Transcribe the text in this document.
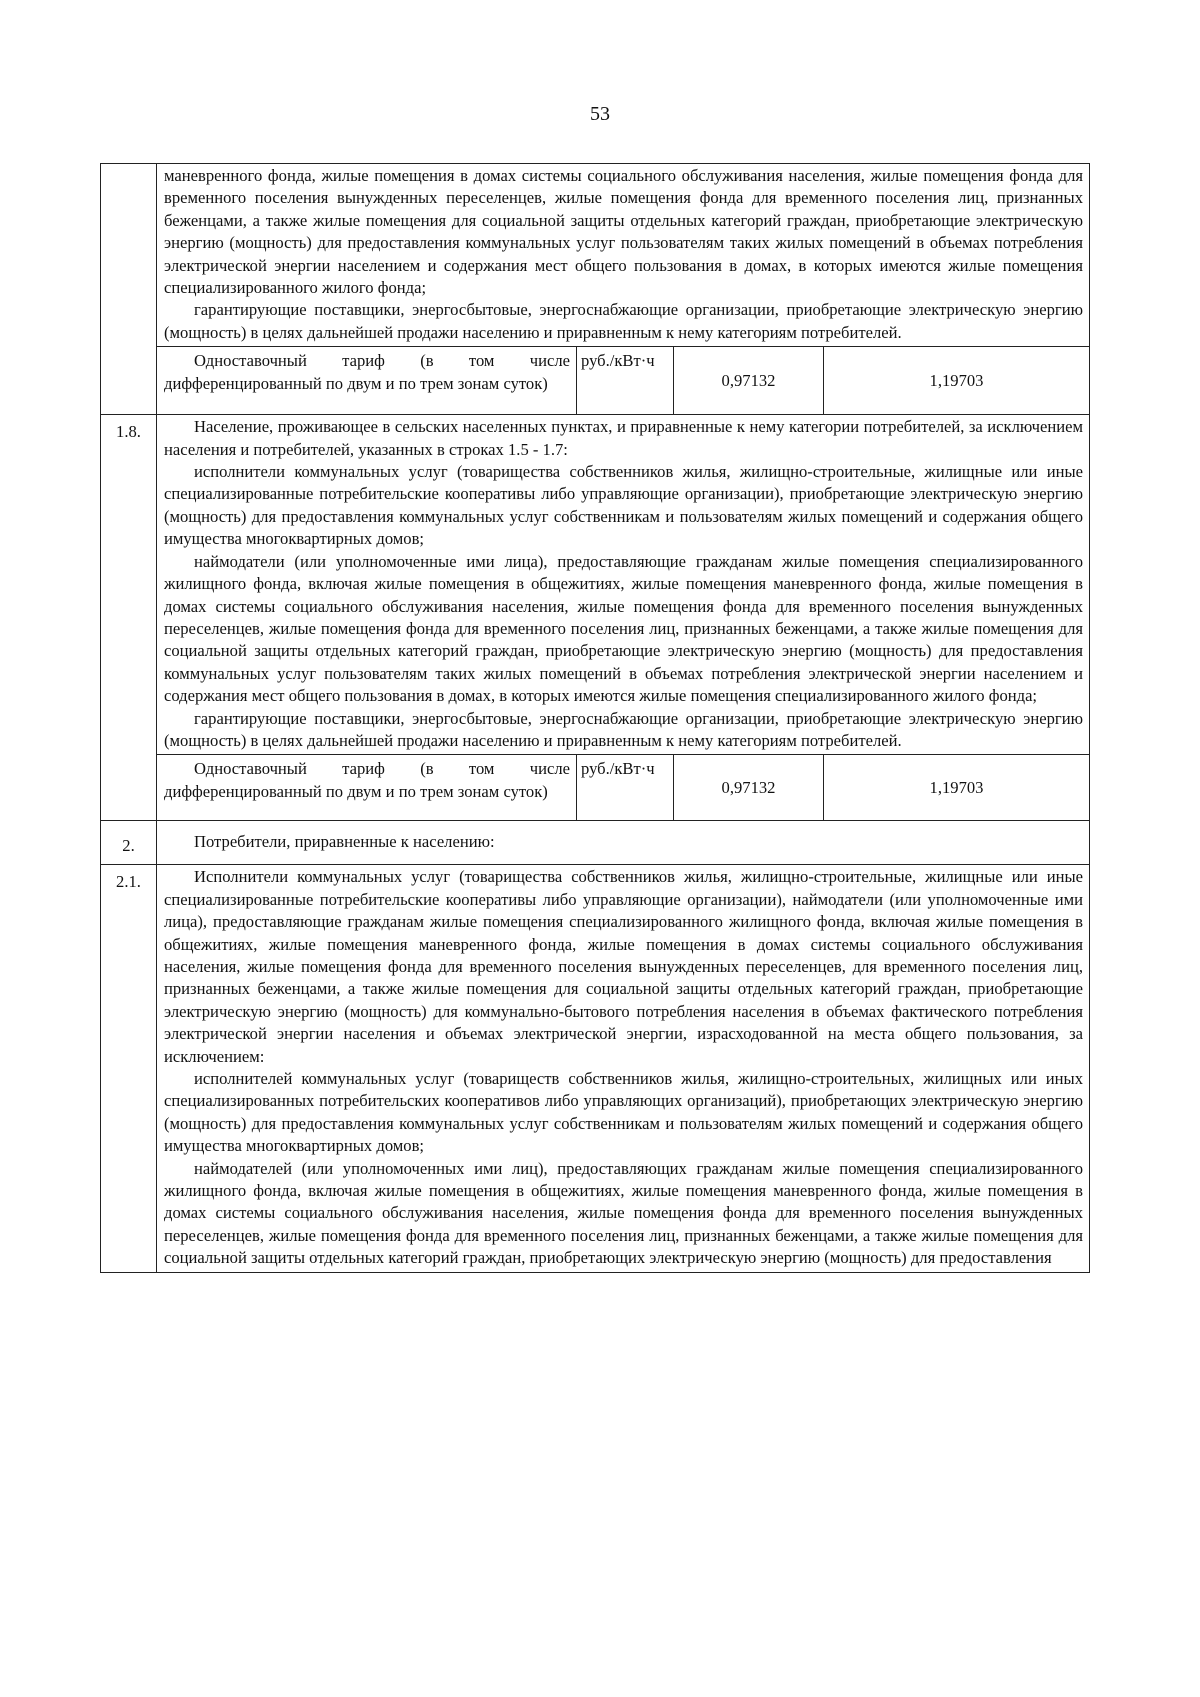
53

	маневренного фонда, жилые помещения в домах системы социального обслуживания населения, жилые помещения фонда для временного поселения вынужденных переселенцев, жилые помещения фонда для временного поселения лиц, признанных беженцами, а также жилые помещения для социальной защиты отдельных категорий граждан, приобретающие электрическую энергию (мощность) для предоставления коммунальных услуг пользователям таких жилых помещений в объемах потребления электрической энергии населением и содержания мест общего пользования в домах, в которых имеются жилые помещения специализированного жилого фонда;

гарантирующие поставщики, энергосбытовые, энергоснабжающие организации, приобретающие электрическую энергию (мощность) в целях дальнейшей продажи населению и приравненным к нему категориям потребителей.			

	Одноставочный тариф (в том числе дифференцированный по двум и по трем зонам суток)	руб./кВт·ч	0,97132	1,19703
1.8.	Население, проживающее в сельских населенных пунктах, и приравненные к нему категории потребителей, за исключением населения и потребителей, указанных в строках 1.5 - 1.7:

исполнители коммунальных услуг (товарищества собственников жилья, жилищно-строительные, жилищные или иные специализированные потребительские кооперативы либо управляющие организации), приобретающие электрическую энергию (мощность) для предоставления коммунальных услуг собственникам и пользователям жилых помещений и содержания общего имущества многоквартирных домов;

наймодатели (или уполномоченные ими лица), предоставляющие гражданам жилые помещения специализированного жилищного фонда, включая жилые помещения в общежитиях, жилые помещения маневренного фонда, жилые помещения в домах системы социального обслуживания населения, жилые помещения фонда для временного поселения вынужденных переселенцев, жилые помещения фонда для временного поселения лиц, признанных беженцами, а также жилые помещения для социальной защиты отдельных категорий граждан, приобретающие электрическую энергию (мощность) для предоставления коммунальных услуг пользователям таких жилых помещений в объемах потребления электрической энергии населением и содержания мест общего пользования в домах, в которых имеются жилые помещения специализированного жилого фонда;

гарантирующие поставщики, энергосбытовые, энергоснабжающие организации, приобретающие электрическую энергию (мощность) в целях дальнейшей продажи населению и приравненным к нему категориям потребителей.			

	Одноставочный тариф (в том числе дифференцированный по двум и по трем зонам суток)	руб./кВт·ч	0,97132	1,19703
2.	Потребители, приравненные к населению:			

2.1.	Исполнители коммунальных услуг (товарищества собственников жилья, жилищно-строительные, жилищные или иные специализированные потребительские кооперативы либо управляющие организации), наймодатели (или уполномоченные ими лица), предоставляющие гражданам жилые помещения специализированного жилищного фонда, включая жилые помещения в общежитиях, жилые помещения маневренного фонда, жилые помещения в домах системы социального обслуживания населения, жилые помещения фонда для временного поселения вынужденных переселенцев, для временного поселения лиц, признанных беженцами, а также жилые помещения для социальной защиты отдельных категорий граждан, приобретающие электрическую энергию (мощность) для коммунально-бытового потребления населения в объемах фактического потребления электрической энергии населения и объемах электрической энергии, израсходованной на места общего пользования, за исключением:

исполнителей коммунальных услуг (товариществ собственников жилья, жилищно-строительных, жилищных или иных специализированных потребительских кооперативов либо управляющих организаций), приобретающих электрическую энергию (мощность) для предоставления коммунальных услуг собственникам и пользователям жилых помещений и содержания общего имущества многоквартирных домов;

наймодателей (или уполномоченных ими лиц), предоставляющих гражданам жилые помещения специализированного жилищного фонда, включая жилые помещения в общежитиях, жилые помещения маневренного фонда, жилые помещения в домах системы социального обслуживания населения, жилые помещения фонда для временного поселения вынужденных переселенцев, жилые помещения фонда для временного поселения лиц, признанных беженцами, а также жилые помещения для социальной защиты отдельных категорий граждан, приобретающих электрическую энергию (мощность) для предоставления			
